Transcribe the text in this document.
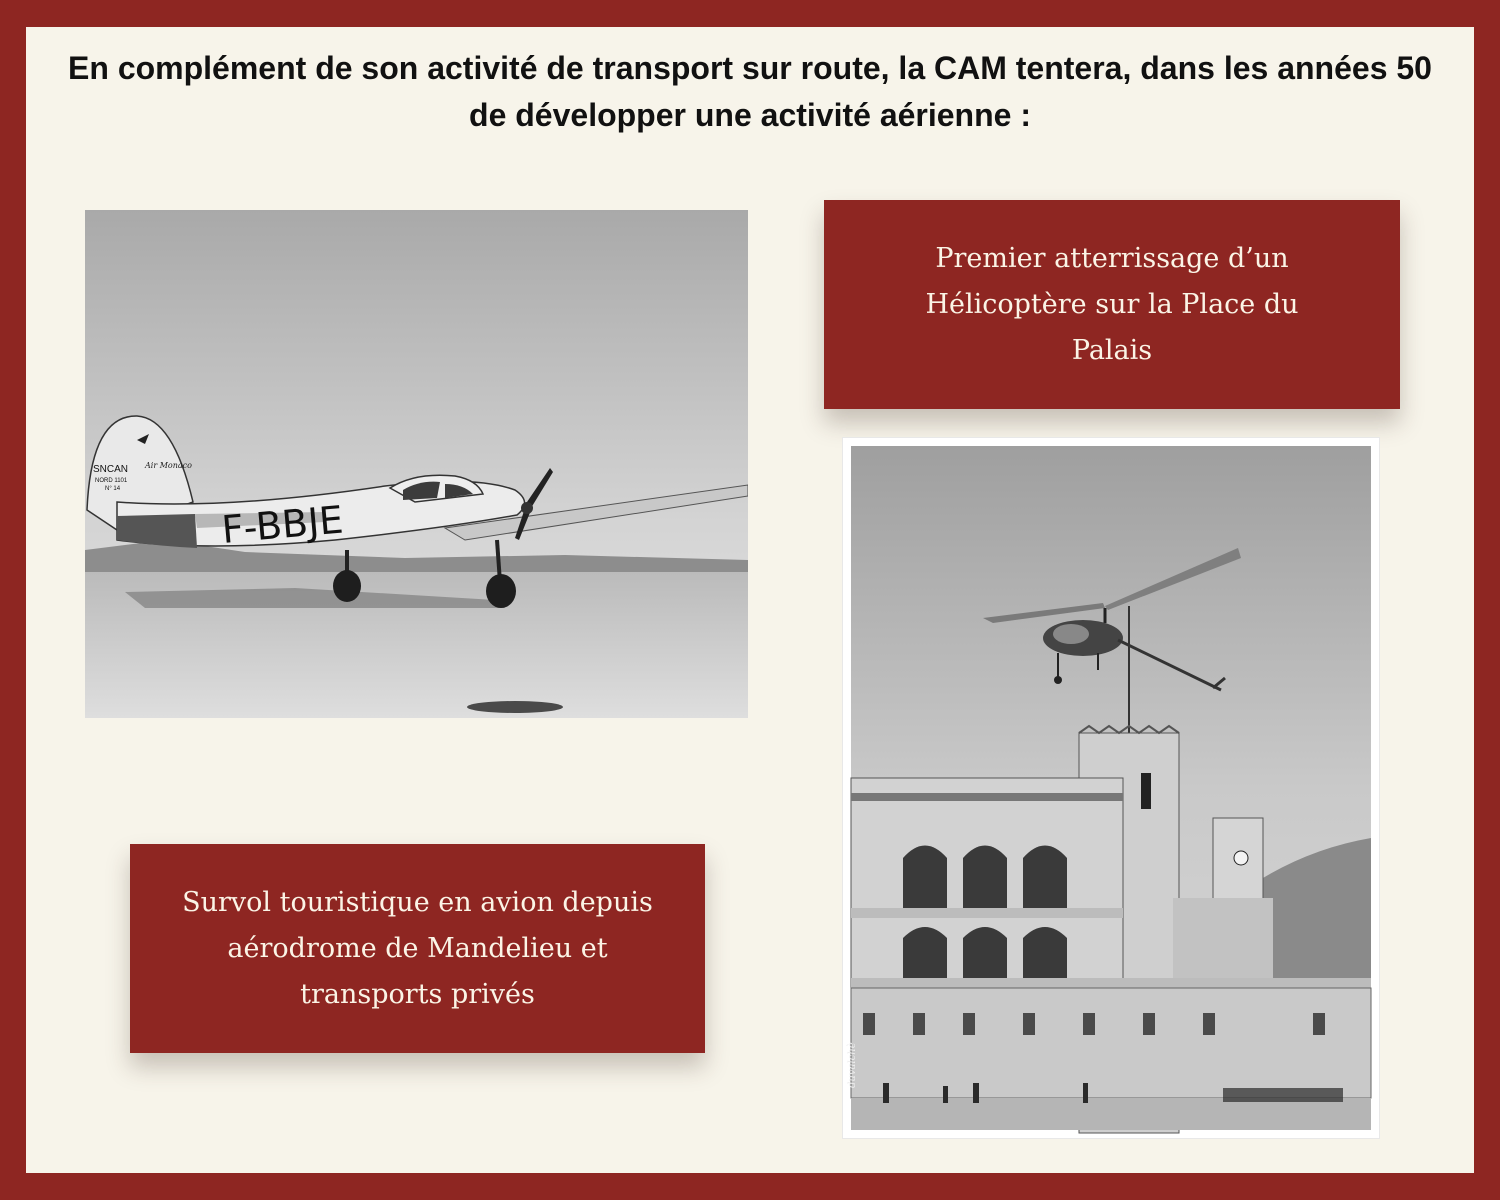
En complément de son activité de transport sur route, la CAM tentera, dans les années 50 de développer une activité aérienne :
F-BBJE
SNCAN
NORD 1101
N° 14
Air Monaco
Premier atterrissage d’un Hélicoptère sur la Place du Palais
duvalchè
Survol touristique en avion depuis aérodrome de Mandelieu et transports privés
